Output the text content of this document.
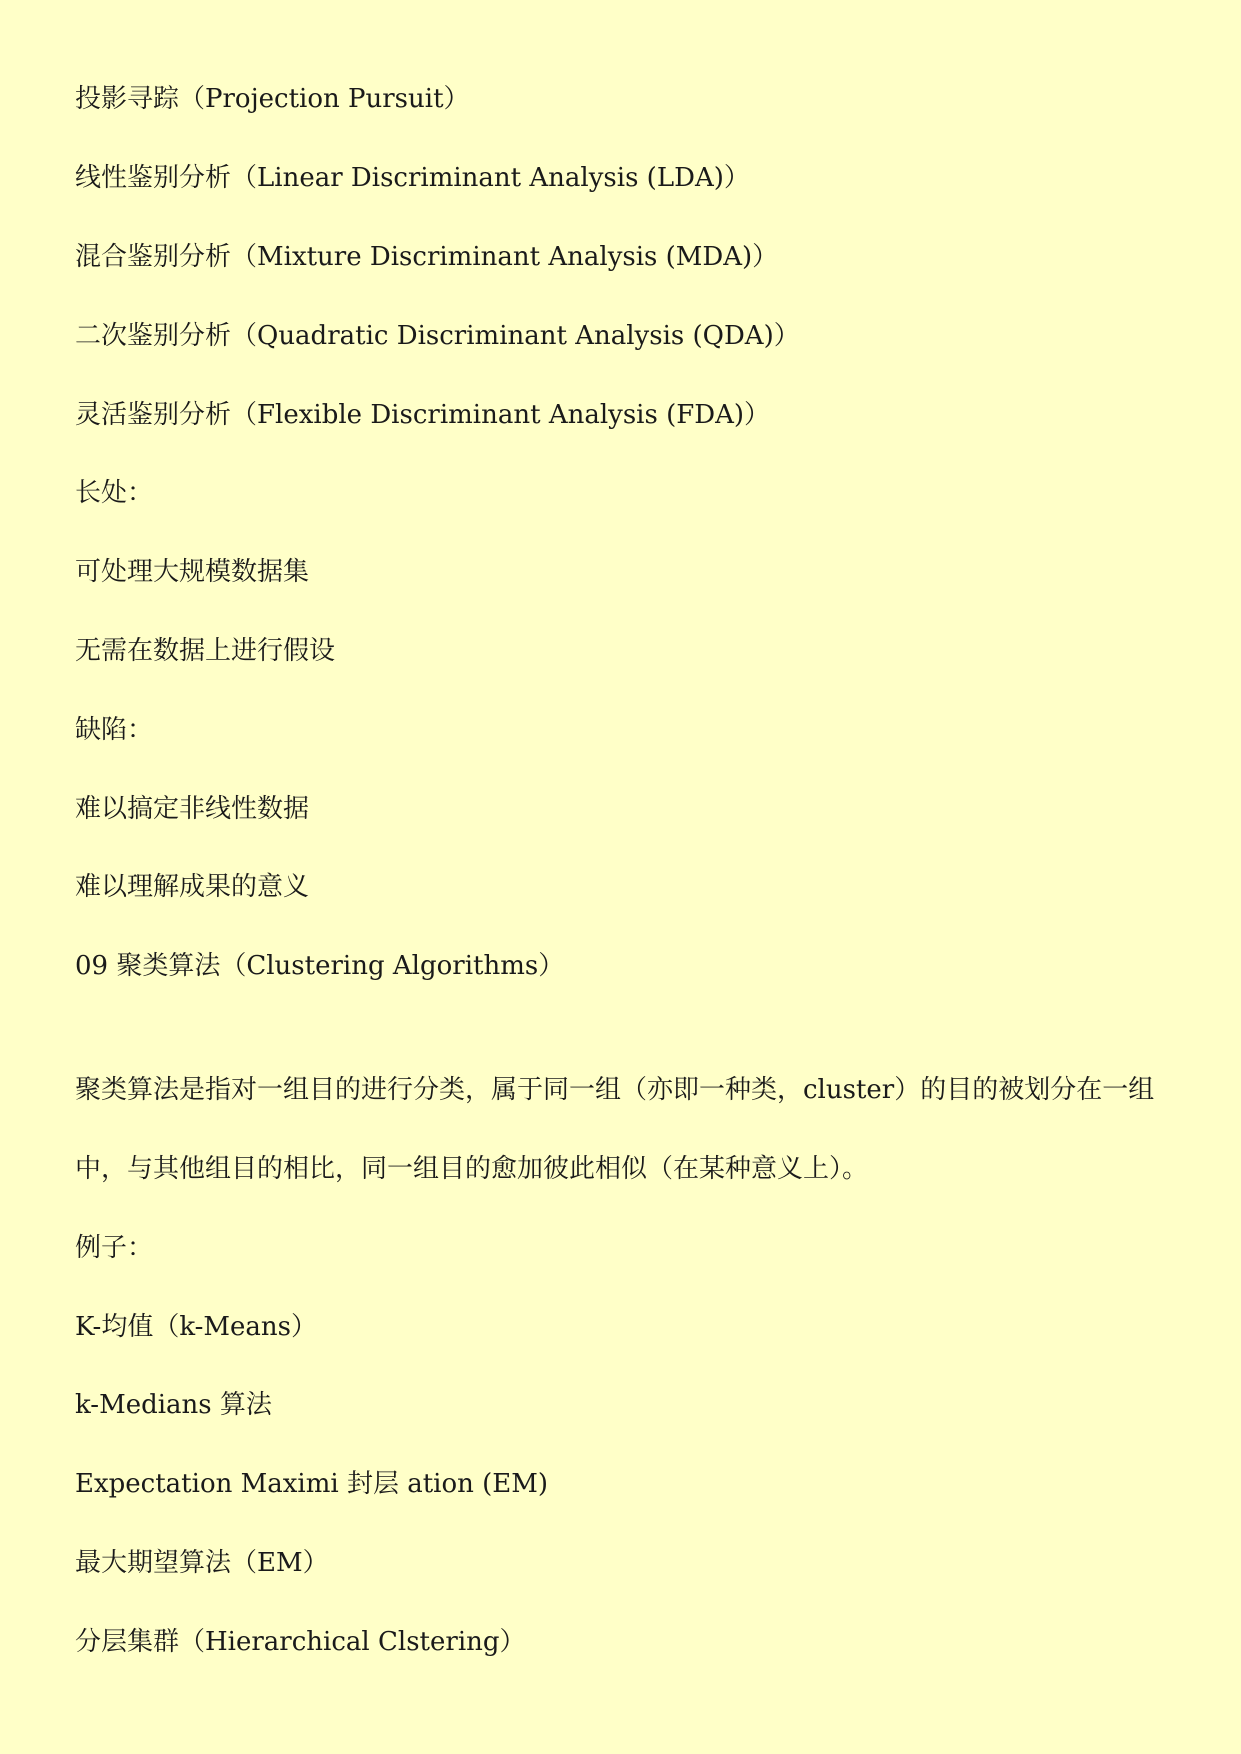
投影寻踪（Projection Pursuit）

线性鉴别分析（Linear Discriminant Analysis (LDA)）

混合鉴别分析（Mixture Discriminant Analysis (MDA)）

二次鉴别分析（Quadratic Discriminant Analysis (QDA)）

灵活鉴别分析（Flexible Discriminant Analysis (FDA)）

长处：

可处理大规模数据集

无需在数据上进行假设

缺陷：

难以搞定非线性数据

难以理解成果的意义

09 聚类算法（Clustering Algorithms）

聚类算法是指对一组目的进行分类，属于同一组（亦即一种类，cluster）的目的被划分在一组中，与其他组目的相比，同一组目的愈加彼此相似（在某种意义上）。

例子：

K-均值（k-Means）

k-Medians 算法

Expectation Maximi 封层 ation (EM)

最大期望算法（EM）

分层集群（Hierarchical Clstering）
